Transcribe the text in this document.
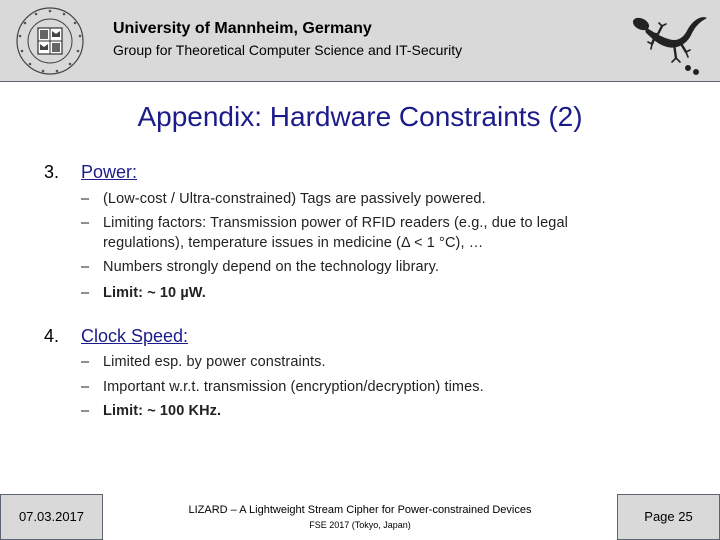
University of Mannheim, Germany
Group for Theoretical Computer Science and IT-Security
Appendix: Hardware Constraints (2)
3. Power:
– (Low-cost / Ultra-constrained) Tags are passively powered.
– Limiting factors: Transmission power of RFID readers (e.g., due to legal
regulations), temperature issues in medicine (Δ < 1 °C), …
– Numbers strongly depend on the technology library.
– Limit: ~ 10 µW.
4. Clock Speed:
– Limited esp. by power constraints.
– Important w.r.t. transmission (encryption/decryption) times.
– Limit: ~ 100 KHz.
07.03.2017	LIZARD – A Lightweight Stream Cipher for Power-constrained Devices
FSE 2017 (Tokyo, Japan)
Page 25
